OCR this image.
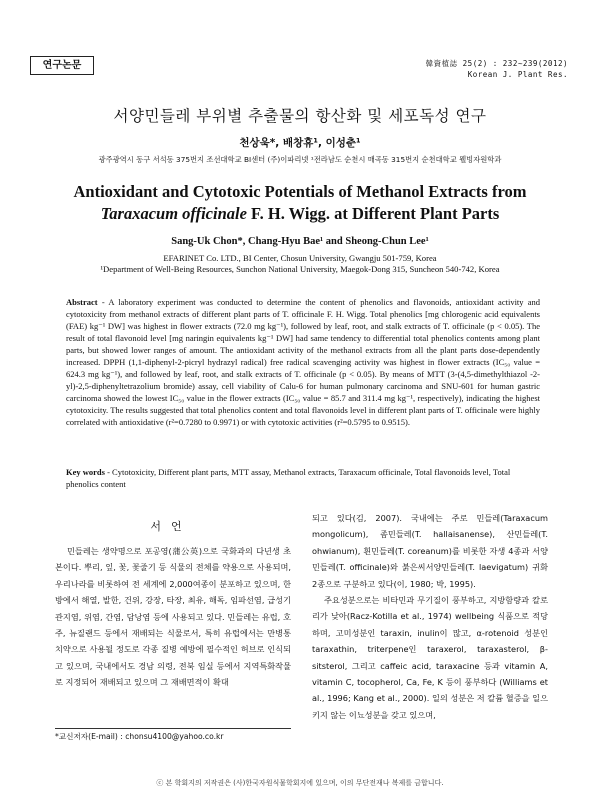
연구논문	韓資植誌 25(2) : 232∼239(2012)
Korean J. Plant Res.
서양민들레 부위별 추출물의 항산화 및 세포독성 연구
천상욱*, 배창휴¹, 이성춘¹
광주광역시 동구 서석동 375번지 조선대학교 BI센터 (주)이파리넷 ¹전라남도 순천시 매곡동 315번지 순천대학교 웰빙자원학과
Antioxidant and Cytotoxic Potentials of Methanol Extracts from
Taraxacum officinale F. H. Wigg. at Different Plant Parts
Sang-Uk Chon*, Chang-Hyu Bae¹ and Sheong-Chun Lee¹
EFARINET Co. LTD., BI Center, Chosun University, Gwangju 501-759, Korea
¹Department of Well-Being Resources, Sunchon National University, Maegok-Dong 315, Suncheon 540-742, Korea
Abstract - A laboratory experiment was conducted to determine the content of phenolics and flavonoids, antioxidant activity and cytotoxicity from methanol extracts of different plant parts of T. officinale F. H. Wigg. Total phenolics [mg chlorogenic acid equivalents (FAE) kg⁻¹ DW] was highest in flower extracts (72.0 mg kg⁻¹), followed by leaf, root, and stalk extracts of T. officinale (p < 0.05). The result of total flavonoid level [mg naringin equivalents kg⁻¹ DW] had same tendency to differential total phenolics contents among plant parts, but showed lower ranges of amount. The antioxidant activity of the methanol extracts from all the plant parts dose-dependently increased. DPPH (1,1-diphenyl-2-picryl hydrazyl radical) free radical scavenging activity was highest in flower extracts (IC₅₀ value = 624.3 mg kg⁻¹), and followed by leaf, root, and stalk extracts of T. officinale (p < 0.05). By means of MTT (3-(4,5-dimethylthiazol -2-yl)-2,5-diphenyltetrazolium bromide) assay, cell viability of Calu-6 for human pulmonary carcinoma and SNU-601 for human gastric carcinoma showed the lowest IC₅₀ value in the flower extracts (IC₅₀ value = 85.7 and 311.4 mg kg⁻¹, respectively), indicating the highest cytotoxicity. The results suggested that total phenolics content and total flavonoids level in different plant parts of T. officinale were highly correlated with antioxidative (r²=0.7280 to 0.9971) or with cytotoxic activities (r²=0.5795 to 0.9515).
Key words - Cytotoxicity, Different plant parts, MTT assay, Methanol extracts, Taraxacum officinale, Total flavonoids level, Total phenolics content
서언

민들레는 생약명으로 포공영(蒲公英)으로 국화과의 다년생 초본이다. 뿌리, 잎, 꽃, 꽃줄기 등 식물의 전체를 약용으로 사용되며, 우리나라를 비롯하여 전 세계에 2,000여종이 분포하고 있으며, 한방에서 해열, 발한, 건위, 강장, 타장, 최유, 해독, 임파선염, 급성기관지염, 위염, 간염, 담낭염 등에 사용되고 있다. 민들레는 유럽, 호주, 뉴질랜드 등에서 재배되는 식물로서, 특히 유럽에서는 만병통치약으로 사용될 정도로 각종 질병 예방에 필수적인 허브로 인식되고 있으며, 국내에서도 경남 의령, 전북 임실 등에서 지역특화작물로 지정되어 재배되고 있으며 그 재배면적이 확대

되고 있다(김, 2007). 국내에는 주로 민들레(Taraxacum mongolicum), 좀민들레(T. hallaisanense), 산민들레(T. ohwianum), 흰민들레(T. coreanum)를 비롯한 자생 4종과 서양민들레(T. officinale)와 붉은씨서양민들레(T. laevigatum) 귀화 2종으로 구분하고 있다(이, 1980; 박, 1995).

주요성분으로는 비타민과 무기질이 풍부하고, 지방함량과 칼로리가 낮아(Racz-Kotilla et al., 1974) wellbeing 식품으로 적당하며, 고미성분인 taraxin, inulin이 많고, α-rotenoid 성분인 taraxathin, triterpene인 taraxerol, taraxasterol, β-sitsterol, 그리고 caffeic acid, taraxacine 등과 vitamin A, vitamin C, tocopherol, Ca, Fe, K 등이 풍부하다 (Williams et al., 1996; Kang et al., 2000). 일의 성분은 저 칼륨 혈증을 일으키지 않는 이뇨성분을 갖고 있으며,

*교신저자(E-mail) : chonsu4100@yahoo.co.kr
ⓒ 본 학회지의 저작권은 (사)한국자원식물학회지에 있으며, 이의 무단전재나 복제를 금합니다.
